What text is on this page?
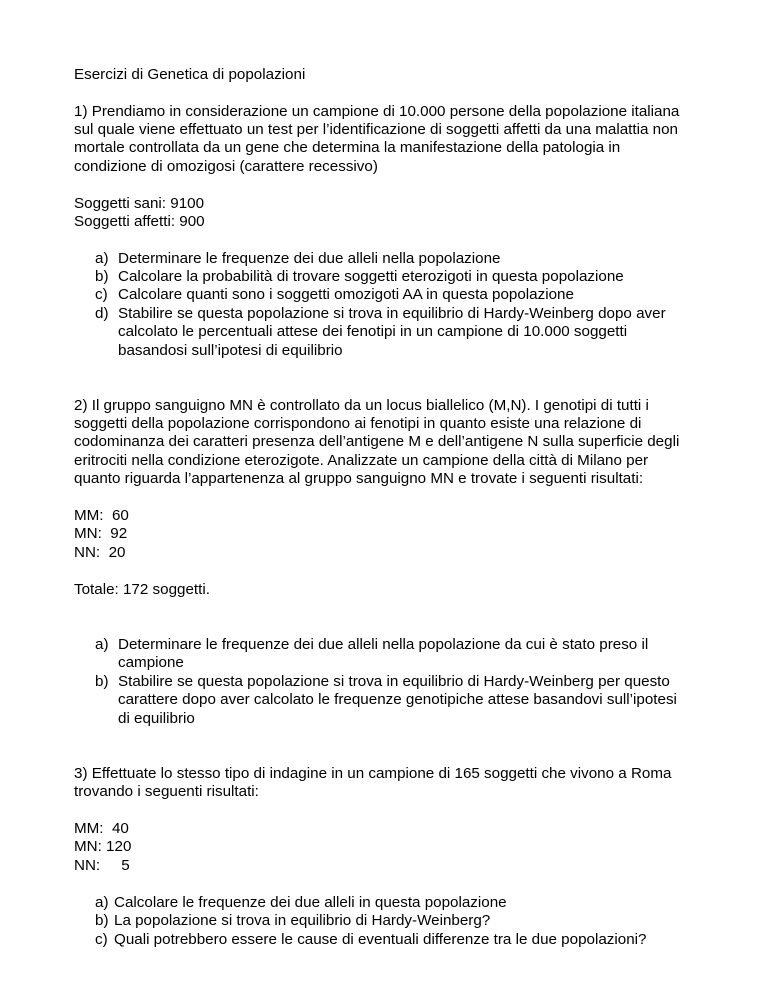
Esercizi di Genetica di popolazioni
1) Prendiamo in considerazione un campione di 10.000 persone della popolazione italiana
sul quale viene effettuato un test per l’identificazione di soggetti affetti da una malattia non
mortale controllata da un gene che determina la manifestazione della patologia in
condizione di omozigosi (carattere recessivo)
Soggetti sani: 9100
Soggetti affetti: 900
a) Determinare le frequenze dei due alleli nella popolazione
b) Calcolare la probabilità di trovare soggetti eterozigoti in questa popolazione
c) Calcolare quanti sono i soggetti omozigoti AA in questa popolazione
d) Stabilire se questa popolazione si trova in equilibrio di Hardy-Weinberg dopo aver
calcolato le percentuali attese dei fenotipi in un campione di 10.000 soggetti
basandosi sull’ipotesi di equilibrio
2) Il gruppo sanguigno MN è controllato da un locus biallelico (M,N). I genotipi di tutti i
soggetti della popolazione corrispondono ai fenotipi in quanto esiste una relazione di
codominanza dei caratteri presenza dell’antigene M e dell’antigene N sulla superficie degli
eritrociti nella condizione eterozigote. Analizzate un campione della città di Milano per
quanto riguarda l’appartenenza al gruppo sanguigno MN e trovate i seguenti risultati:
MM:  60
MN:  92
NN:  20
Totale: 172 soggetti.
a) Determinare le frequenze dei due alleli nella popolazione da cui è stato preso il
campione
b) Stabilire se questa popolazione si trova in equilibrio di Hardy-Weinberg per questo
carattere dopo aver calcolato le frequenze genotipiche attese basandovi sull’ipotesi
di equilibrio
3) Effettuate lo stesso tipo di indagine in un campione di 165 soggetti che vivono a Roma
trovando i seguenti risultati:
MM:  40
MN: 120
NN:     5
a) Calcolare le frequenze dei due alleli in questa popolazione
b) La popolazione si trova in equilibrio di Hardy-Weinberg?
c) Quali potrebbero essere le cause di eventuali differenze tra le due popolazioni?
